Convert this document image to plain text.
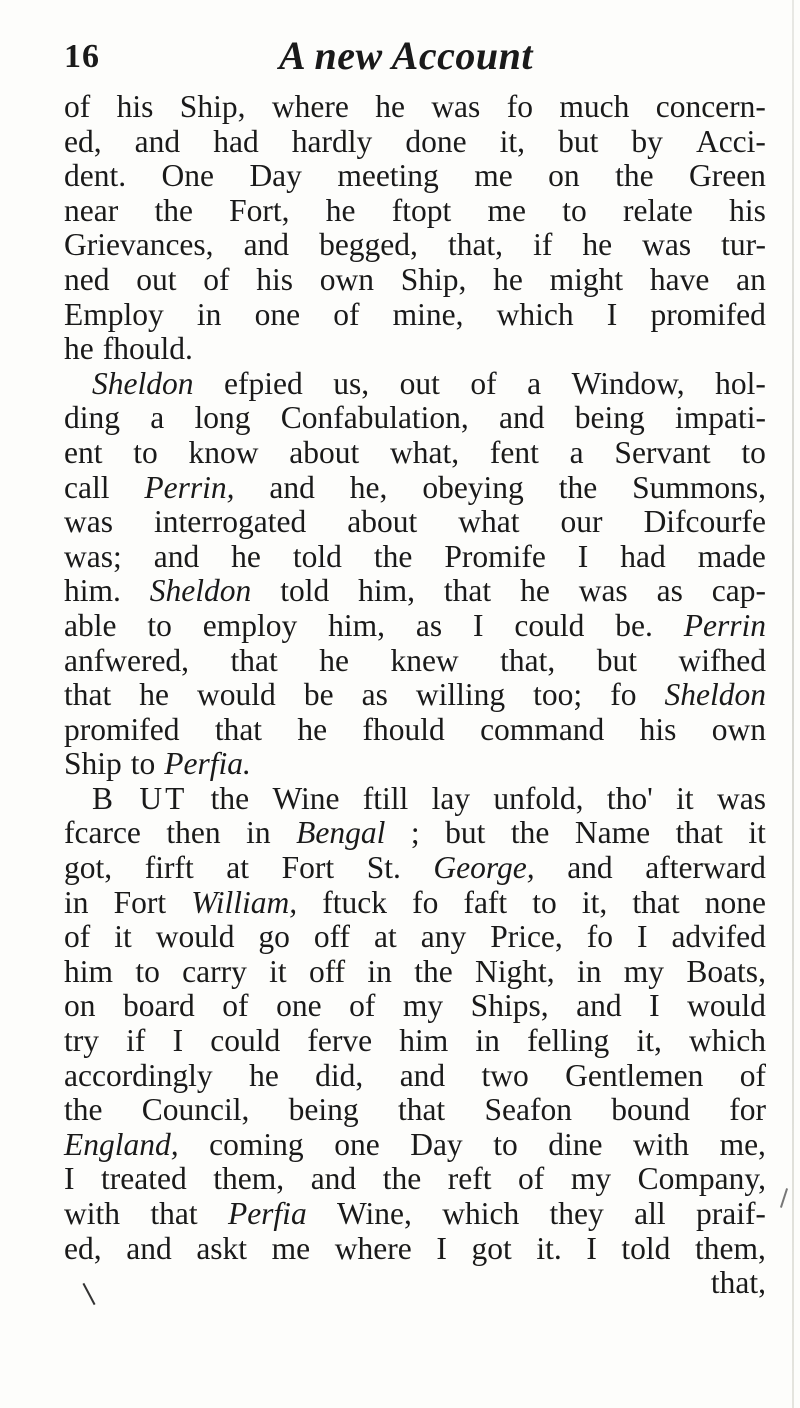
16	A new Account
of his Ship, where he was fo much concern-
ed, and had hardly done it, but by Acci-
dent. One Day meeting me on the Green
near the Fort, he ftopt me to relate his
Grievances, and begged, that, if he was tur-
ned out of his own Ship, he might have an
Employ in one of mine, which I promifed
he fhould.
Sheldon efpied us, out of a Window, hol-
ding a long Confabulation, and being impati-
ent to know about what, fent a Servant to
call Perrin, and he, obeying the Summons,
was interrogated about what our Difcourfe
was; and he told the Promife I had made
him. Sheldon told him, that he was as cap-
able to employ him, as I could be. Perrin
anfwered, that he knew that, but wifhed
that he would be as willing too; fo Sheldon
promifed that he fhould command his own
Ship to Perfia.
B UT the Wine ftill lay unfold, tho' it was
fcarce then in Bengal ; but the Name that it
got, firft at Fort St. George, and afterward
in Fort William, ftuck fo faft to it, that none
of it would go off at any Price, fo I advifed
him to carry it off in the Night, in my Boats,
on board of one of my Ships, and I would
try if I could ferve him in felling it, which
accordingly he did, and two Gentlemen of
the Council, being that Seafon bound for
England, coming one Day to dine with me,
I treated them, and the reft of my Company,
with that Perfia Wine, which they all praif-
ed, and askt me where I got it. I told them,
that,
